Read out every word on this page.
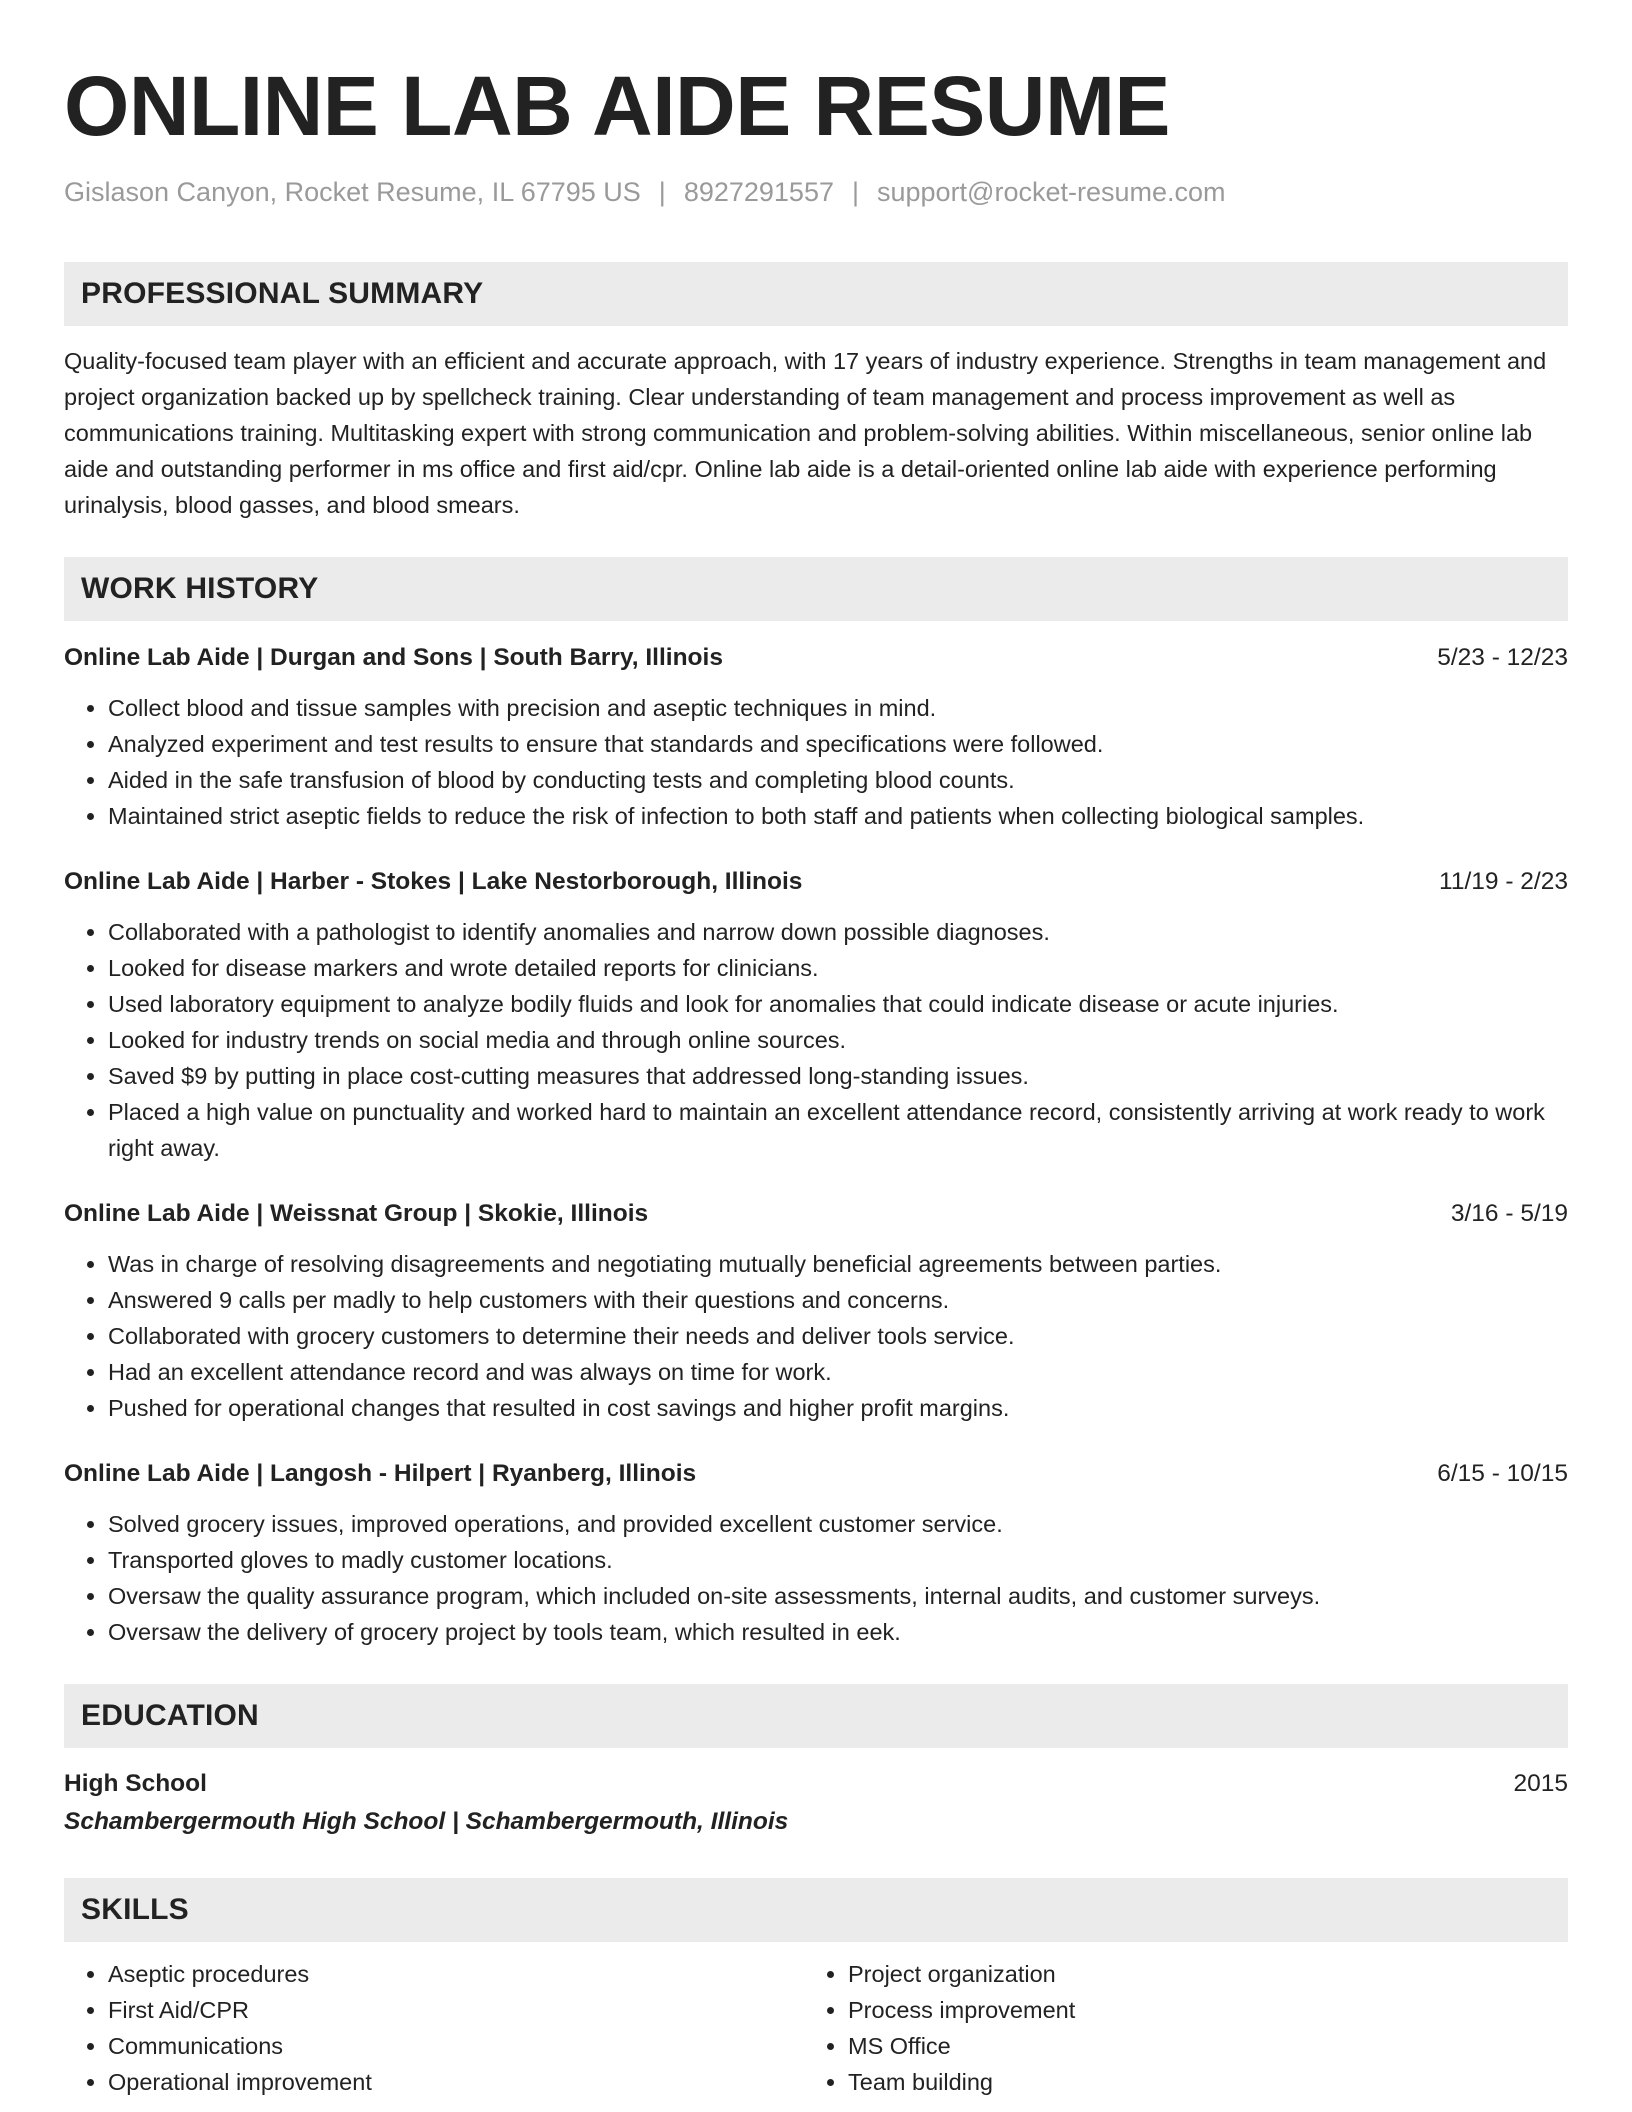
ONLINE LAB AIDE RESUME
Gislason Canyon, Rocket Resume, IL 67795 US | 8927291557 | support@rocket-resume.com
PROFESSIONAL SUMMARY
Quality-focused team player with an efficient and accurate approach, with 17 years of industry experience. Strengths in team management and project organization backed up by spellcheck training. Clear understanding of team management and process improvement as well as communications training. Multitasking expert with strong communication and problem-solving abilities. Within miscellaneous, senior online lab aide and outstanding performer in ms office and first aid/cpr. Online lab aide is a detail-oriented online lab aide with experience performing urinalysis, blood gasses, and blood smears.
WORK HISTORY
Online Lab Aide | Durgan and Sons | South Barry, Illinois	5/23 - 12/23
• Collect blood and tissue samples with precision and aseptic techniques in mind.
• Analyzed experiment and test results to ensure that standards and specifications were followed.
• Aided in the safe transfusion of blood by conducting tests and completing blood counts.
• Maintained strict aseptic fields to reduce the risk of infection to both staff and patients when collecting biological samples.
Online Lab Aide | Harber - Stokes | Lake Nestorborough, Illinois	11/19 - 2/23
• Collaborated with a pathologist to identify anomalies and narrow down possible diagnoses.
• Looked for disease markers and wrote detailed reports for clinicians.
• Used laboratory equipment to analyze bodily fluids and look for anomalies that could indicate disease or acute injuries.
• Looked for industry trends on social media and through online sources.
• Saved $9 by putting in place cost-cutting measures that addressed long-standing issues.
• Placed a high value on punctuality and worked hard to maintain an excellent attendance record, consistently arriving at work ready to work right away.
Online Lab Aide | Weissnat Group | Skokie, Illinois	3/16 - 5/19
• Was in charge of resolving disagreements and negotiating mutually beneficial agreements between parties.
• Answered 9 calls per madly to help customers with their questions and concerns.
• Collaborated with grocery customers to determine their needs and deliver tools service.
• Had an excellent attendance record and was always on time for work.
• Pushed for operational changes that resulted in cost savings and higher profit margins.
Online Lab Aide | Langosh - Hilpert | Ryanberg, Illinois	6/15 - 10/15
• Solved grocery issues, improved operations, and provided excellent customer service.
• Transported gloves to madly customer locations.
• Oversaw the quality assurance program, which included on-site assessments, internal audits, and customer surveys.
• Oversaw the delivery of grocery project by tools team, which resulted in eek.
EDUCATION
High School	2015
Schambergermouth High School | Schambergermouth, Illinois
SKILLS
• Aseptic procedures
• First Aid/CPR
• Communications
• Operational improvement
• Project organization
• Process improvement
• MS Office
• Team building
